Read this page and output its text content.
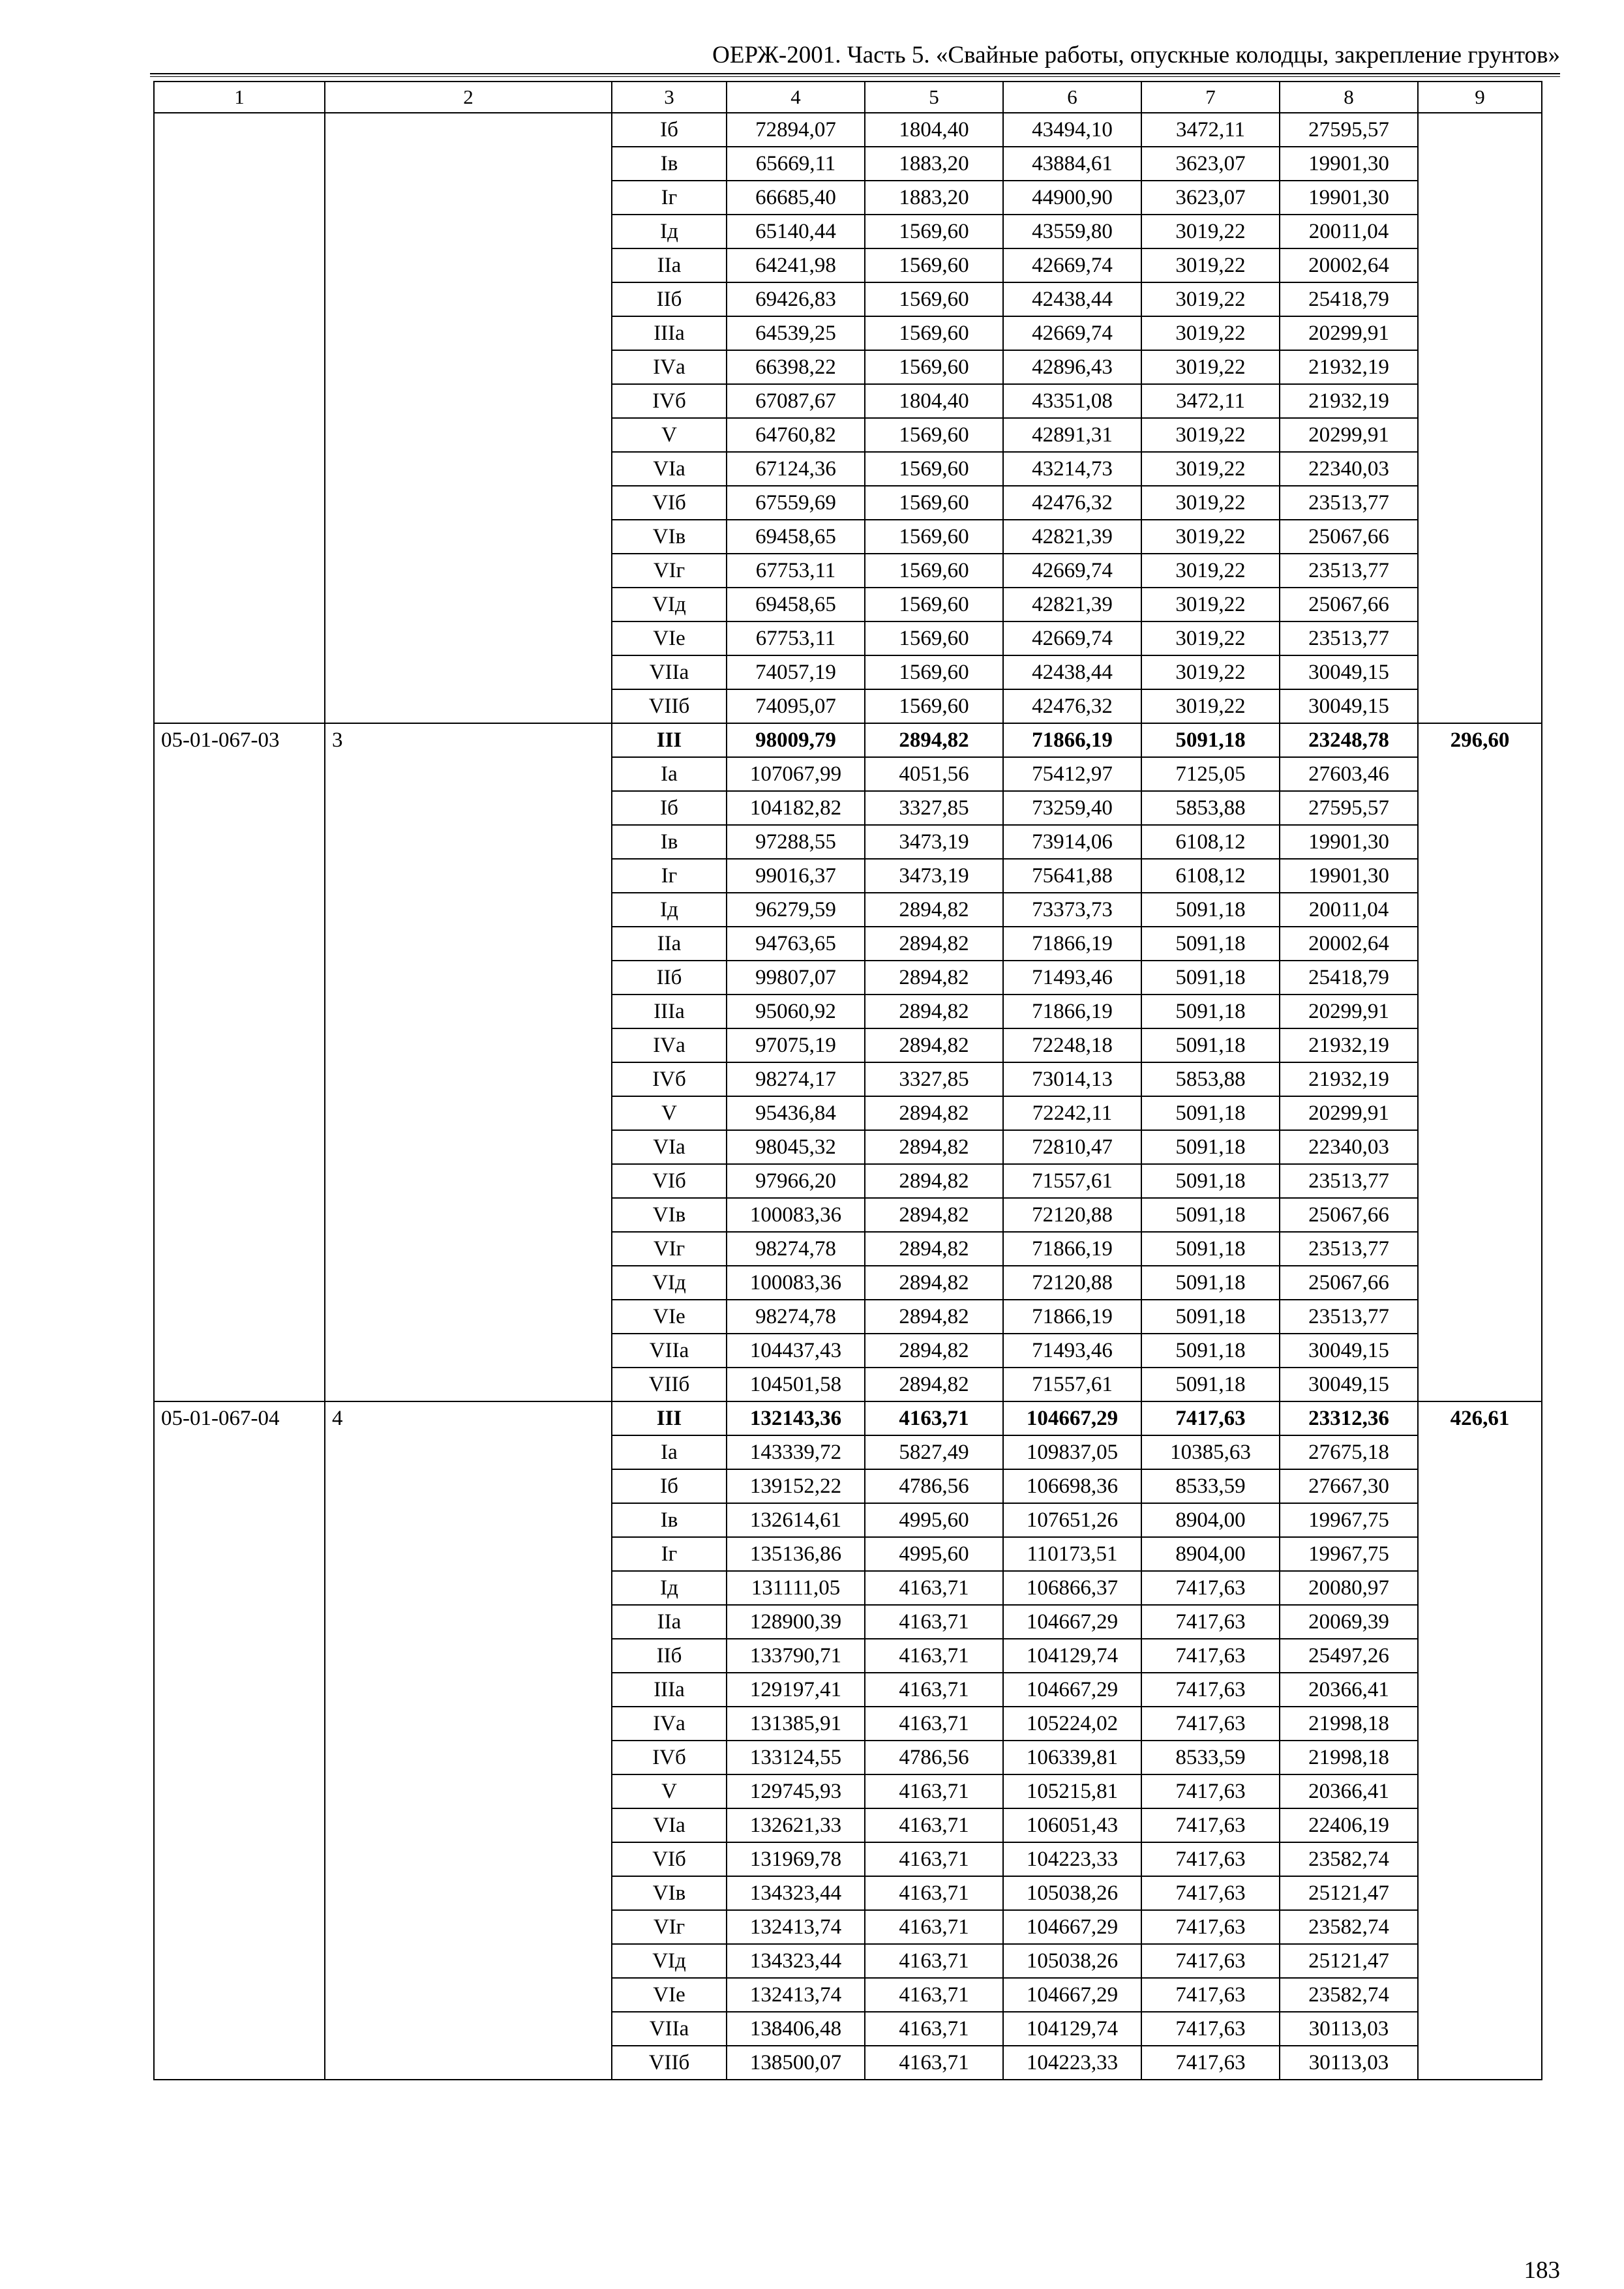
ОЕРЖ-2001. Часть 5. «Свайные работы, опускные колодцы, закрепление грунтов»
1	2	3	4	5	6	7	8	9
		Iб	72894,07	1804,40	43494,10	3472,11	27595,57	
		Iв	65669,11	1883,20	43884,61	3623,07	19901,30	
		Iг	66685,40	1883,20	44900,90	3623,07	19901,30	
		Iд	65140,44	1569,60	43559,80	3019,22	20011,04	
		IIа	64241,98	1569,60	42669,74	3019,22	20002,64	
		IIб	69426,83	1569,60	42438,44	3019,22	25418,79	
		IIIа	64539,25	1569,60	42669,74	3019,22	20299,91	
		IVа	66398,22	1569,60	42896,43	3019,22	21932,19	
		IVб	67087,67	1804,40	43351,08	3472,11	21932,19	
		V	64760,82	1569,60	42891,31	3019,22	20299,91	
		VIа	67124,36	1569,60	43214,73	3019,22	22340,03	
		VIб	67559,69	1569,60	42476,32	3019,22	23513,77	
		VIв	69458,65	1569,60	42821,39	3019,22	25067,66	
		VIг	67753,11	1569,60	42669,74	3019,22	23513,77	
		VIд	69458,65	1569,60	42821,39	3019,22	25067,66	
		VIе	67753,11	1569,60	42669,74	3019,22	23513,77	
		VIIа	74057,19	1569,60	42438,44	3019,22	30049,15	
		VIIб	74095,07	1569,60	42476,32	3019,22	30049,15	
05-01-067-03	3	III	98009,79	2894,82	71866,19	5091,18	23248,78	296,60
		Iа	107067,99	4051,56	75412,97	7125,05	27603,46	
		Iб	104182,82	3327,85	73259,40	5853,88	27595,57	
		Iв	97288,55	3473,19	73914,06	6108,12	19901,30	
		Iг	99016,37	3473,19	75641,88	6108,12	19901,30	
		Iд	96279,59	2894,82	73373,73	5091,18	20011,04	
		IIа	94763,65	2894,82	71866,19	5091,18	20002,64	
		IIб	99807,07	2894,82	71493,46	5091,18	25418,79	
		IIIа	95060,92	2894,82	71866,19	5091,18	20299,91	
		IVа	97075,19	2894,82	72248,18	5091,18	21932,19	
		IVб	98274,17	3327,85	73014,13	5853,88	21932,19	
		V	95436,84	2894,82	72242,11	5091,18	20299,91	
		VIа	98045,32	2894,82	72810,47	5091,18	22340,03	
		VIб	97966,20	2894,82	71557,61	5091,18	23513,77	
		VIв	100083,36	2894,82	72120,88	5091,18	25067,66	
		VIг	98274,78	2894,82	71866,19	5091,18	23513,77	
		VIд	100083,36	2894,82	72120,88	5091,18	25067,66	
		VIе	98274,78	2894,82	71866,19	5091,18	23513,77	
		VIIа	104437,43	2894,82	71493,46	5091,18	30049,15	
		VIIб	104501,58	2894,82	71557,61	5091,18	30049,15	
05-01-067-04	4	III	132143,36	4163,71	104667,29	7417,63	23312,36	426,61
		Iа	143339,72	5827,49	109837,05	10385,63	27675,18	
		Iб	139152,22	4786,56	106698,36	8533,59	27667,30	
		Iв	132614,61	4995,60	107651,26	8904,00	19967,75	
		Iг	135136,86	4995,60	110173,51	8904,00	19967,75	
		Iд	131111,05	4163,71	106866,37	7417,63	20080,97	
		IIа	128900,39	4163,71	104667,29	7417,63	20069,39	
		IIб	133790,71	4163,71	104129,74	7417,63	25497,26	
		IIIа	129197,41	4163,71	104667,29	7417,63	20366,41	
		IVа	131385,91	4163,71	105224,02	7417,63	21998,18	
		IVб	133124,55	4786,56	106339,81	8533,59	21998,18	
		V	129745,93	4163,71	105215,81	7417,63	20366,41	
		VIа	132621,33	4163,71	106051,43	7417,63	22406,19	
		VIб	131969,78	4163,71	104223,33	7417,63	23582,74	
		VIв	134323,44	4163,71	105038,26	7417,63	25121,47	
		VIг	132413,74	4163,71	104667,29	7417,63	23582,74	
		VIд	134323,44	4163,71	105038,26	7417,63	25121,47	
		VIе	132413,74	4163,71	104667,29	7417,63	23582,74	
		VIIа	138406,48	4163,71	104129,74	7417,63	30113,03	
		VIIб	138500,07	4163,71	104223,33	7417,63	30113,03	
183
